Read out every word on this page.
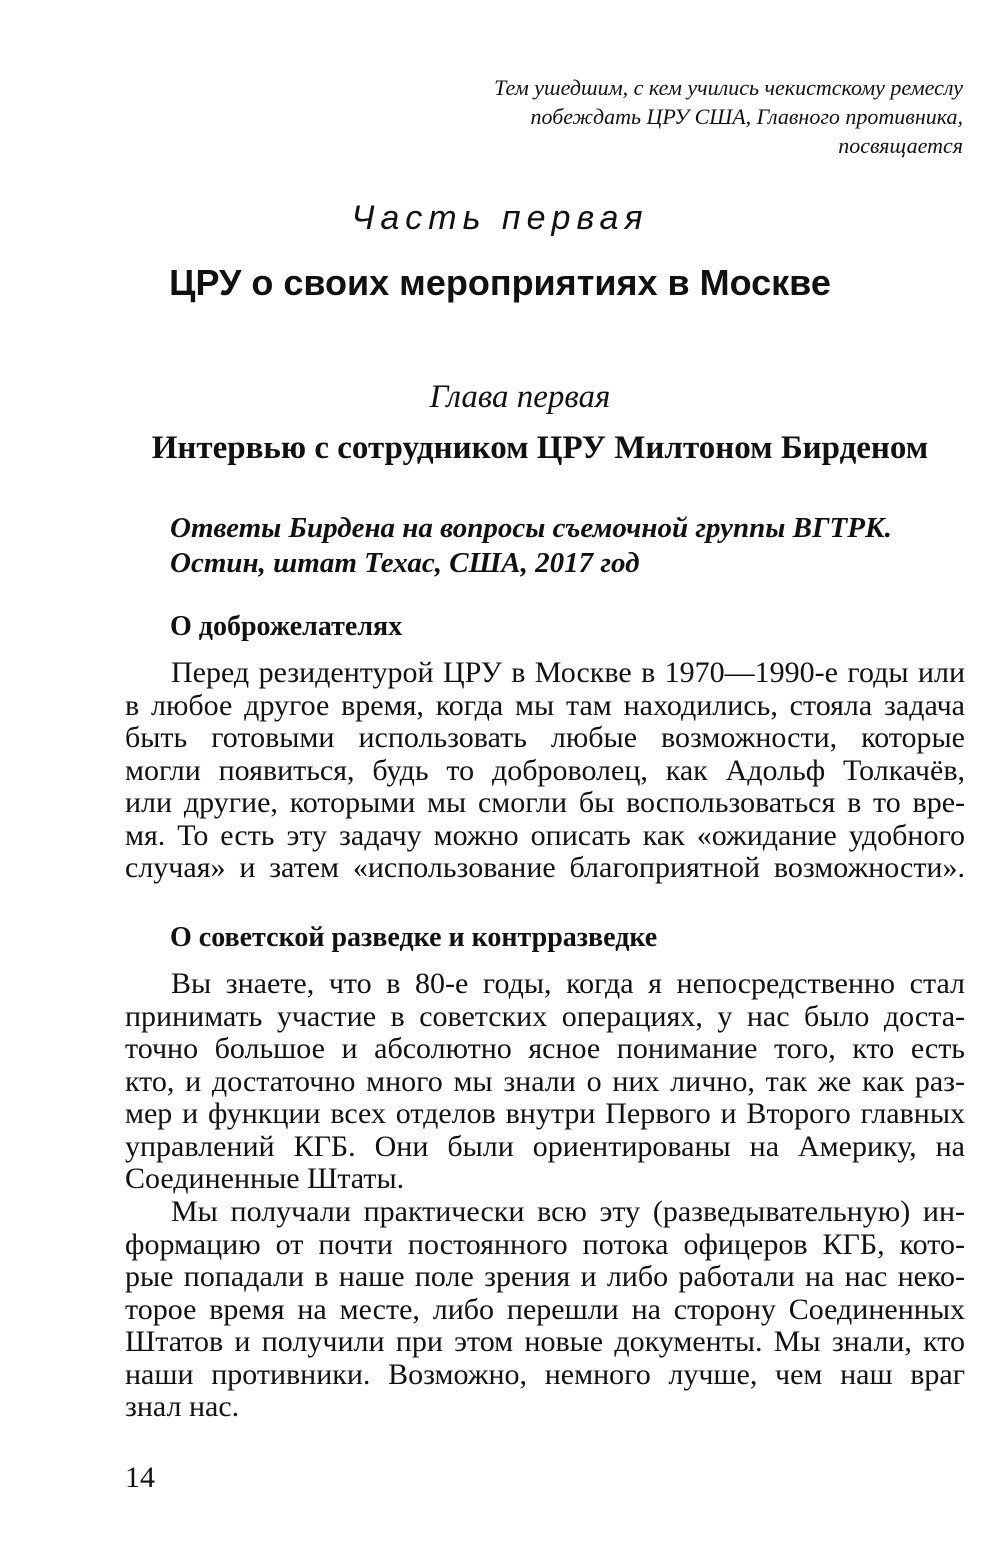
Тем ушедшим, с кем учились чекистскому ремеслу
побеждать ЦРУ США, Главного противника,
посвящается
Часть первая
ЦРУ о своих мероприятиях в Москве
Глава первая
Интервью с сотрудником ЦРУ Милтоном Бирденом
Ответы Бирдена на вопросы съемочной группы ВГТРК.
Остин, штат Техас, США, 2017 год
О доброжелателях
Перед резидентурой ЦРУ в Москве в 1970—1990-е годы или
в любое другое время, когда мы там находились, стояла задача
быть готовыми использовать любые возможности, которые
могли появиться, будь то доброволец, как Адольф Толкачёв,
или другие, которыми мы смогли бы воспользоваться в то вре-
мя. То есть эту задачу можно описать как «ожидание удобного
случая» и затем «использование благоприятной возможности».
О советской разведке и контрразведке
Вы знаете, что в 80-е годы, когда я непосредственно стал
принимать участие в советских операциях, у нас было доста-
точно большое и абсолютно ясное понимание того, кто есть
кто, и достаточно много мы знали о них лично, так же как раз-
мер и функции всех отделов внутри Первого и Второго главных
управлений КГБ. Они были ориентированы на Америку, на
Соединенные Штаты.
Мы получали практически всю эту (разведывательную) ин-
формацию от почти постоянного потока офицеров КГБ, кото-
рые попадали в наше поле зрения и либо работали на нас неко-
торое время на месте, либо перешли на сторону Соединенных
Штатов и получили при этом новые документы. Мы знали, кто
наши противники. Возможно, немного лучше, чем наш враг
знал нас.
14
